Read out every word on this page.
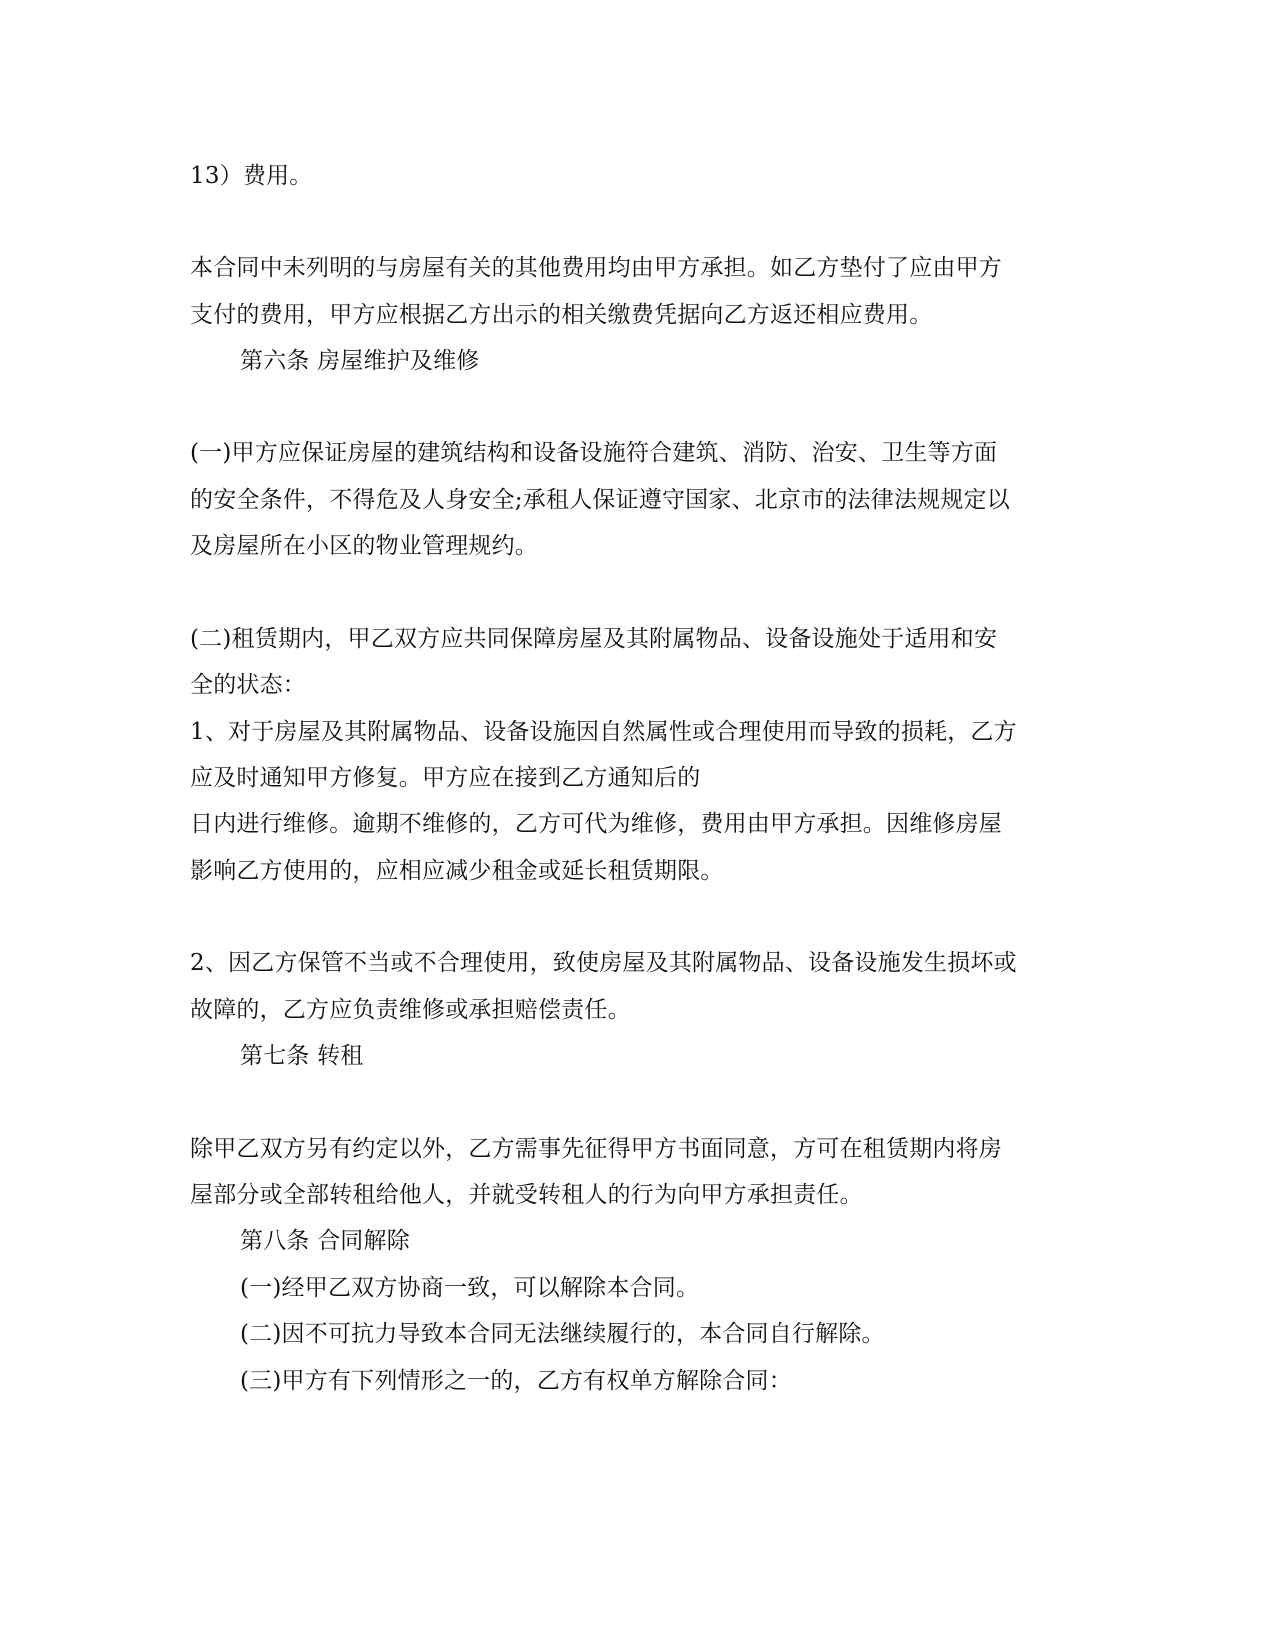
13）费用。

本合同中未列明的与房屋有关的其他费用均由甲方承担。如乙方垫付了应由甲方

支付的费用，甲方应根据乙方出示的相关缴费凭据向乙方返还相应费用。

第六条 房屋维护及维修

(一)甲方应保证房屋的建筑结构和设备设施符合建筑、消防、治安、卫生等方面

的安全条件，不得危及人身安全;承租人保证遵守国家、北京市的法律法规规定以

及房屋所在小区的物业管理规约。

(二)租赁期内，甲乙双方应共同保障房屋及其附属物品、设备设施处于适用和安

全的状态：

1、对于房屋及其附属物品、设备设施因自然属性或合理使用而导致的损耗，乙方

应及时通知甲方修复。甲方应在接到乙方通知后的

日内进行维修。逾期不维修的，乙方可代为维修，费用由甲方承担。因维修房屋

影响乙方使用的，应相应减少租金或延长租赁期限。

2、因乙方保管不当或不合理使用，致使房屋及其附属物品、设备设施发生损坏或

故障的，乙方应负责维修或承担赔偿责任。

第七条 转租

除甲乙双方另有约定以外，乙方需事先征得甲方书面同意，方可在租赁期内将房

屋部分或全部转租给他人，并就受转租人的行为向甲方承担责任。

第八条 合同解除

(一)经甲乙双方协商一致，可以解除本合同。

(二)因不可抗力导致本合同无法继续履行的，本合同自行解除。

(三)甲方有下列情形之一的，乙方有权单方解除合同：
